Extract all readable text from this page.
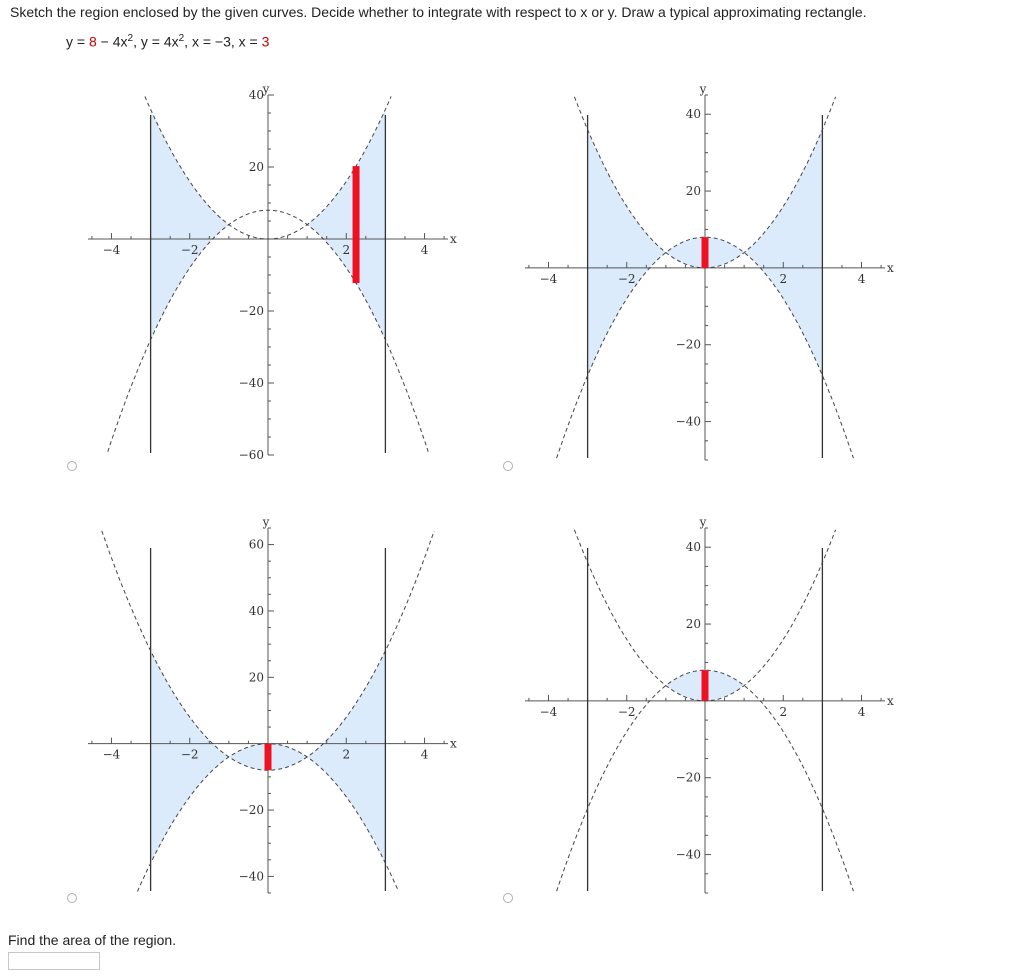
Sketch the region enclosed by the given curves. Decide whether to integrate with respect to x or y. Draw a typical approximating rectangle.

$y = 8 - 4x^2$, $y = 4x^2$, x = −3, x = 3
−4	−2	2	4
40
20
−20
−40
−60
x
y
−4	−2	2	4
40
20
−20
−40
x
y
−4	−2	2	4
60
40
20
−20
−40
x
y
−4	−2	2	4
40
20
−20
−40
x
y
Find the area of the region.
